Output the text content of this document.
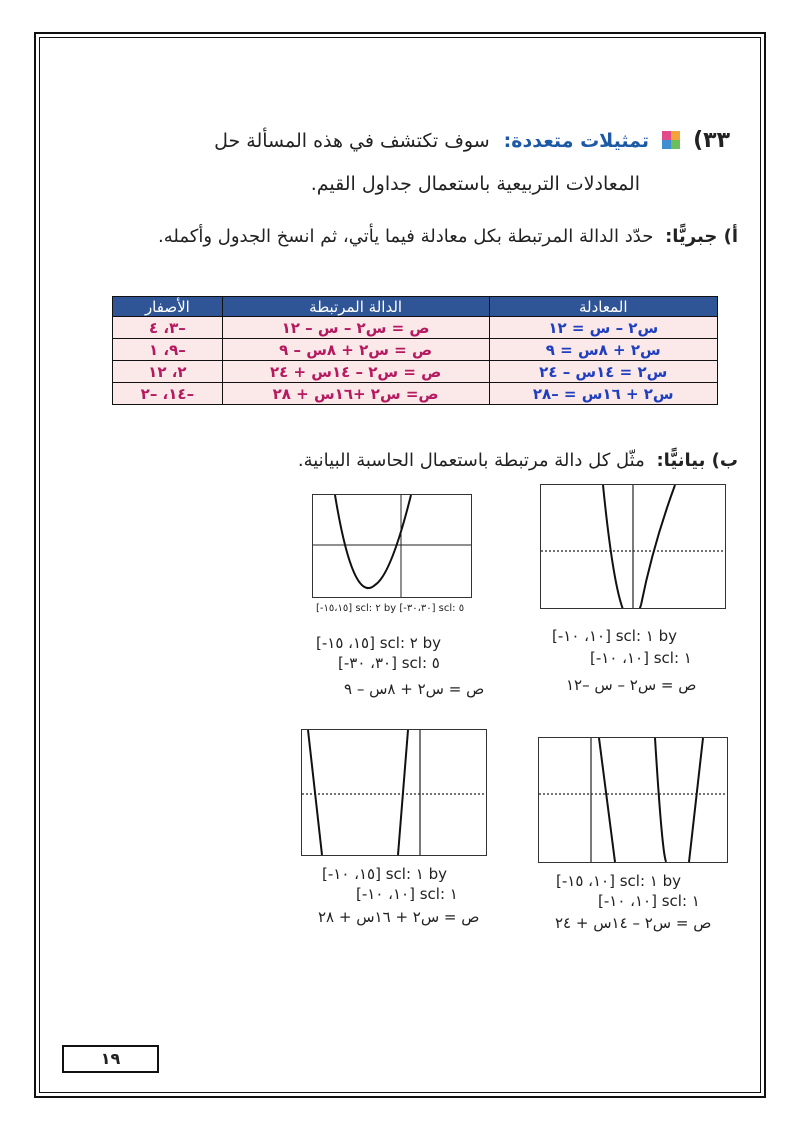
٣٣)  تمثيلات متعددة: سوف تكتشف في هذه المسألة حل
المعادلات التربيعية باستعمال جداول القيم.
أ) جبريًّا: حدّد الدالة المرتبطة بكل معادلة فيما يأتي، ثم انسخ الجدول وأكمله.
المعادلة	الدالة المرتبطة	الأصفار
س٢ – س = ١٢	ص = س٢ – س – ١٢	–٣، ٤
س٢ + ٨س = ٩	ص = س٢ + ٨س – ٩	–٩، ١
س٢ = ١٤س – ٢٤	ص = س٢ – ١٤س + ٢٤	٢، ١٢
س٢ + ١٦س = –٢٨	ص= س٢ +١٦س + ٢٨	–١٤، –٢
ب) بيانيًّا: مثّل كل دالة مرتبطة باستعمال الحاسبة البيانية.
[-١٠، ١٠] scl: ١ by
[-١٠، ١٠] scl: ١
ص = س٢ – س –١٢
[-١٥،١٥] scl: ٢ by [-٣٠،٣٠] scl: ٥
[-١٥، ١٥] scl: ٢ by
[-٣٠، ٣٠] scl: ٥
ص = س٢ + ٨س – ٩
[-١٠، ١٥] scl: ١ by
[-١٠، ١٠] scl: ١
ص = س٢ – ١٤س + ٢٤
[-١٥، ١٠] scl: ١ by
[-١٠، ١٠] scl: ١
ص = س٢ + ١٦س + ٢٨
١٩
